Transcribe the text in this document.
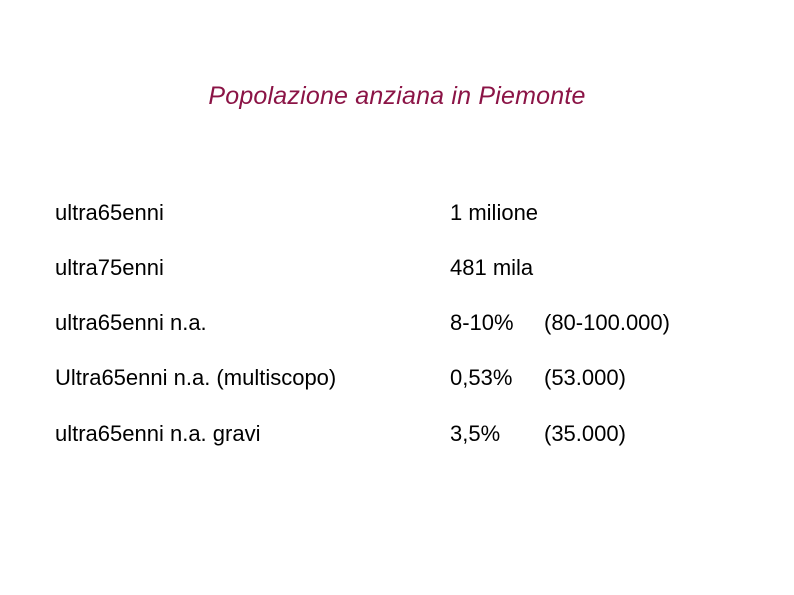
Popolazione anziana in Piemonte
ultra65enni	1 milione
ultra75enni	481 mila
ultra65enni n.a.	8-10% (80-100.000)
Ultra65enni n.a. (multiscopo)	0,53% (53.000)
ultra65enni n.a. gravi	3,5% (35.000)
